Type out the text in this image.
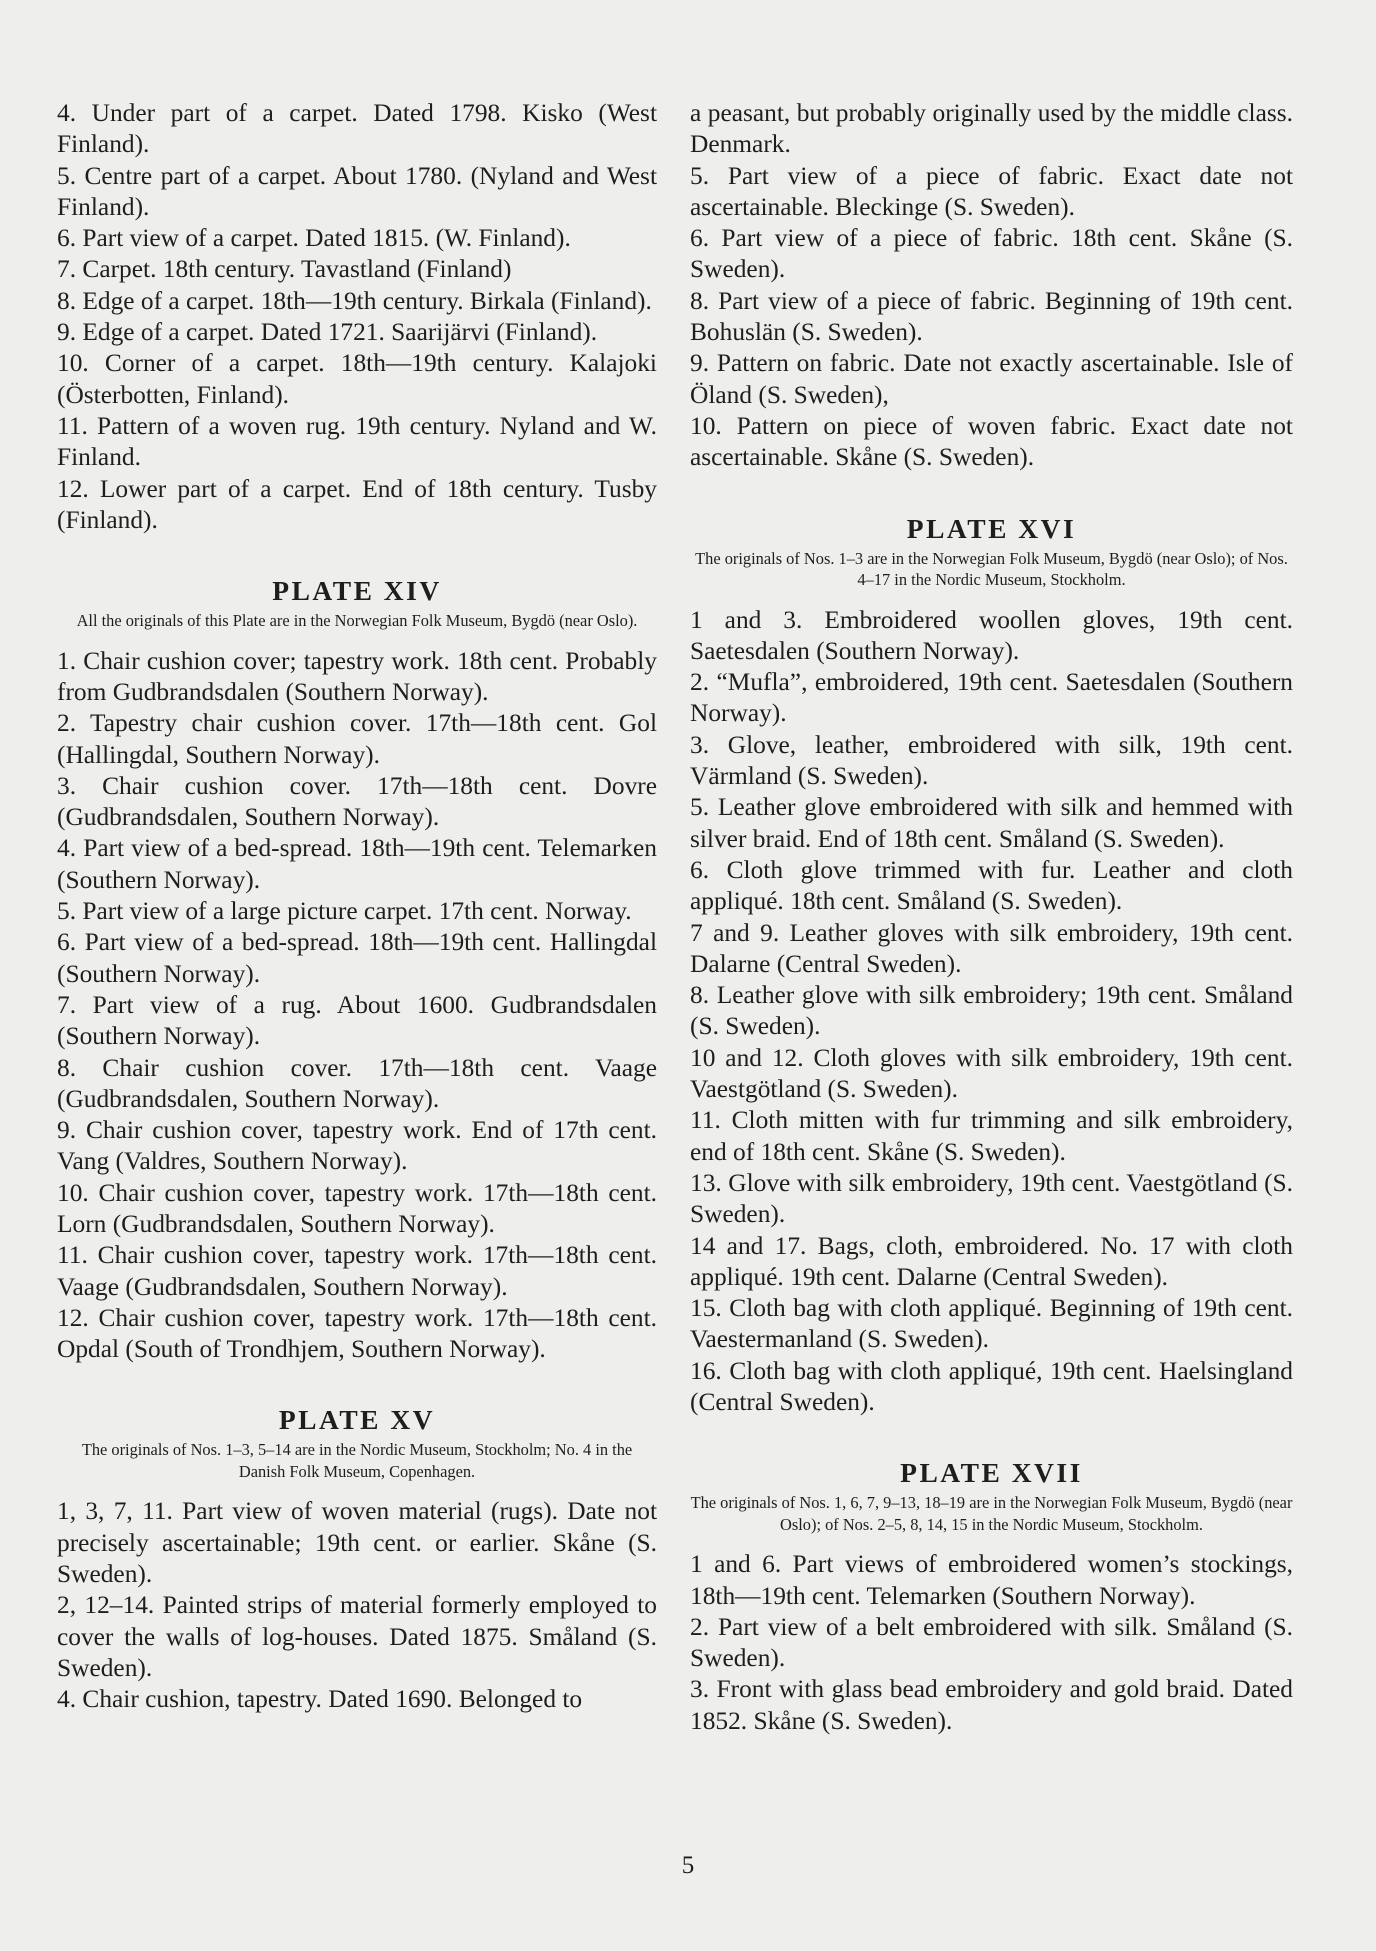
4. Under part of a carpet. Dated 1798. Kisko (West Finland).

5. Centre part of a carpet. About 1780. (Nyland and West Finland).

6. Part view of a carpet. Dated 1815. (W. Finland).

7. Carpet. 18th century. Tavastland (Finland)

8. Edge of a carpet. 18th—19th century. Birkala (Finland).

9. Edge of a carpet. Dated 1721. Saarijärvi (Finland).

10. Corner of a carpet. 18th—19th century. Kalajoki (Österbotten, Finland).

11. Pattern of a woven rug. 19th century. Nyland and W. Finland.

12. Lower part of a carpet. End of 18th century. Tusby (Finland).

PLATE XIV

All the originals of this Plate are in the Norwegian Folk Museum, Bygdö (near Oslo).

1. Chair cushion cover; tapestry work. 18th cent. Probably from Gudbrandsdalen (Southern Norway).

2. Tapestry chair cushion cover. 17th—18th cent. Gol (Hallingdal, Southern Norway).

3. Chair cushion cover. 17th—18th cent. Dovre (Gudbrandsdalen, Southern Norway).

4. Part view of a bed-spread. 18th—19th cent. Telemarken (Southern Norway).

5. Part view of a large picture carpet. 17th cent. Norway.

6. Part view of a bed-spread. 18th—19th cent. Hallingdal (Southern Norway).

7. Part view of a rug. About 1600. Gudbrandsdalen (Southern Norway).

8. Chair cushion cover. 17th—18th cent. Vaage (Gudbrandsdalen, Southern Norway).

9. Chair cushion cover, tapestry work. End of 17th cent. Vang (Valdres, Southern Norway).

10. Chair cushion cover, tapestry work. 17th—18th cent. Lorn (Gudbrandsdalen, Southern Norway).

11. Chair cushion cover, tapestry work. 17th—18th cent. Vaage (Gudbrandsdalen, Southern Norway).

12. Chair cushion cover, tapestry work. 17th—18th cent. Opdal (South of Trondhjem, Southern Norway).

PLATE XV

The originals of Nos. 1–3, 5–14 are in the Nordic Museum, Stockholm; No. 4 in the Danish Folk Museum, Copenhagen.

1, 3, 7, 11. Part view of woven material (rugs). Date not precisely ascertainable; 19th cent. or earlier. Skåne (S. Sweden).

2, 12–14. Painted strips of material formerly employed to cover the walls of log-houses. Dated 1875. Småland (S. Sweden).

4. Chair cushion, tapestry. Dated 1690. Belonged to

a peasant, but probably originally used by the middle class. Denmark.

5. Part view of a piece of fabric. Exact date not ascertainable. Bleckinge (S. Sweden).

6. Part view of a piece of fabric. 18th cent. Skåne (S. Sweden).

8. Part view of a piece of fabric. Beginning of 19th cent. Bohuslän (S. Sweden).

9. Pattern on fabric. Date not exactly ascertainable. Isle of Öland (S. Sweden),

10. Pattern on piece of woven fabric. Exact date not ascertainable. Skåne (S. Sweden).

PLATE XVI

The originals of Nos. 1–3 are in the Norwegian Folk Museum, Bygdö (near Oslo); of Nos. 4–17 in the Nordic Museum, Stockholm.

1 and 3. Embroidered woollen gloves, 19th cent. Saetesdalen (Southern Norway).

2. “Mufla”, embroidered, 19th cent. Saetesdalen (Southern Norway).

3. Glove, leather, embroidered with silk, 19th cent. Värmland (S. Sweden).

5. Leather glove embroidered with silk and hemmed with silver braid. End of 18th cent. Småland (S. Sweden).

6. Cloth glove trimmed with fur. Leather and cloth appliqué. 18th cent. Småland (S. Sweden).

7 and 9. Leather gloves with silk embroidery, 19th cent. Dalarne (Central Sweden).

8. Leather glove with silk embroidery; 19th cent. Småland (S. Sweden).

10 and 12. Cloth gloves with silk embroidery, 19th cent. Vaestgötland (S. Sweden).

11. Cloth mitten with fur trimming and silk embroidery, end of 18th cent. Skåne (S. Sweden).

13. Glove with silk embroidery, 19th cent. Vaestgötland (S. Sweden).

14 and 17. Bags, cloth, embroidered. No. 17 with cloth appliqué. 19th cent. Dalarne (Central Sweden).

15. Cloth bag with cloth appliqué. Beginning of 19th cent. Vaestermanland (S. Sweden).

16. Cloth bag with cloth appliqué, 19th cent. Haelsingland (Central Sweden).

PLATE XVII

The originals of Nos. 1, 6, 7, 9–13, 18–19 are in the Norwegian Folk Museum, Bygdö (near Oslo); of Nos. 2–5, 8, 14, 15 in the Nordic Museum, Stockholm.

1 and 6. Part views of embroidered women’s stockings, 18th—19th cent. Telemarken (Southern Norway).

2. Part view of a belt embroidered with silk. Småland (S. Sweden).

3. Front with glass bead embroidery and gold braid. Dated 1852. Skåne (S. Sweden).

5
